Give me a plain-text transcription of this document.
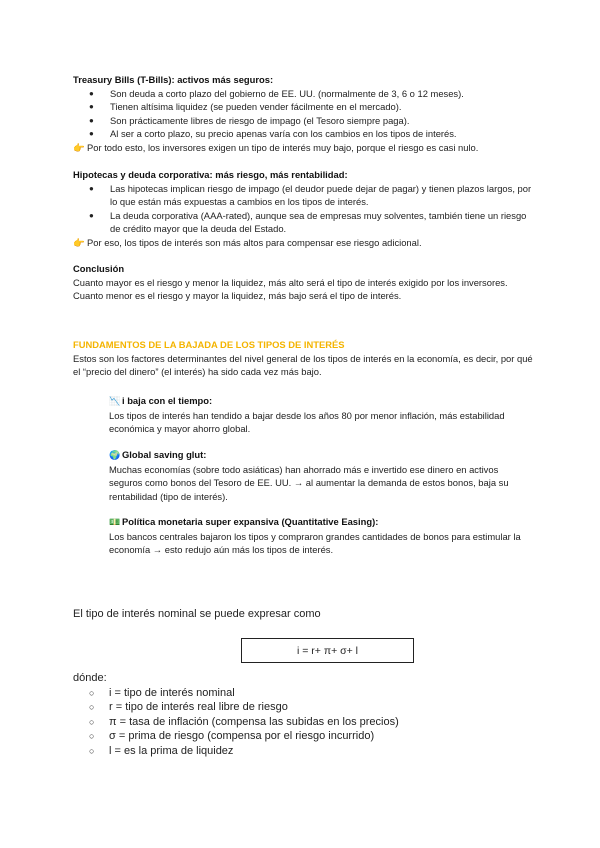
Treasury Bills (T-Bills): activos más seguros:
● Son deuda a corto plazo del gobierno de EE. UU. (normalmente de 3, 6 o 12 meses).
● Tienen altísima liquidez (se pueden vender fácilmente en el mercado).
● Son prácticamente libres de riesgo de impago (el Tesoro siempre paga).
● Al ser a corto plazo, su precio apenas varía con los cambios en los tipos de interés.
👉 Por todo esto, los inversores exigen un tipo de interés muy bajo, porque el riesgo es casi nulo.
Hipotecas y deuda corporativa: más riesgo, más rentabilidad:
● Las hipotecas implican riesgo de impago (el deudor puede dejar de pagar) y tienen plazos largos, por lo que están más expuestas a cambios en los tipos de interés.
● La deuda corporativa (AAA-rated), aunque sea de empresas muy solventes, también tiene un riesgo de crédito mayor que la deuda del Estado.
👉 Por eso, los tipos de interés son más altos para compensar ese riesgo adicional.
Conclusión
Cuanto mayor es el riesgo y menor la liquidez, más alto será el tipo de interés exigido por los inversores.
Cuanto menor es el riesgo y mayor la liquidez, más bajo será el tipo de interés.
FUNDAMENTOS DE LA BAJADA DE LOS TIPOS DE INTERÉS
Estos son los factores determinantes del nivel general de los tipos de interés en la economía, es decir, por qué el “precio del dinero” (el interés) ha sido cada vez más bajo.
📉 i baja con el tiempo:
Los tipos de interés han tendido a bajar desde los años 80 por menor inflación, más estabilidad económica y mayor ahorro global.
🌍 Global saving glut:
Muchas economías (sobre todo asiáticas) han ahorrado más e invertido ese dinero en activos seguros como bonos del Tesoro de EE. UU. → al aumentar la demanda de estos bonos, baja su rentabilidad (tipo de interés).
💵 Política monetaria super expansiva (Quantitative Easing):
Los bancos centrales bajaron los tipos y compraron grandes cantidades de bonos para estimular la economía → esto redujo aún más los tipos de interés.
El tipo de interés nominal se puede expresar como
i = r+ π+ σ+ l
dónde:
○ i = tipo de interés nominal
○ r = tipo de interés real libre de riesgo
○ π = tasa de inflación (compensa las subidas en los precios)
○ σ = prima de riesgo (compensa por el riesgo incurrido)
○ l = es la prima de liquidez
